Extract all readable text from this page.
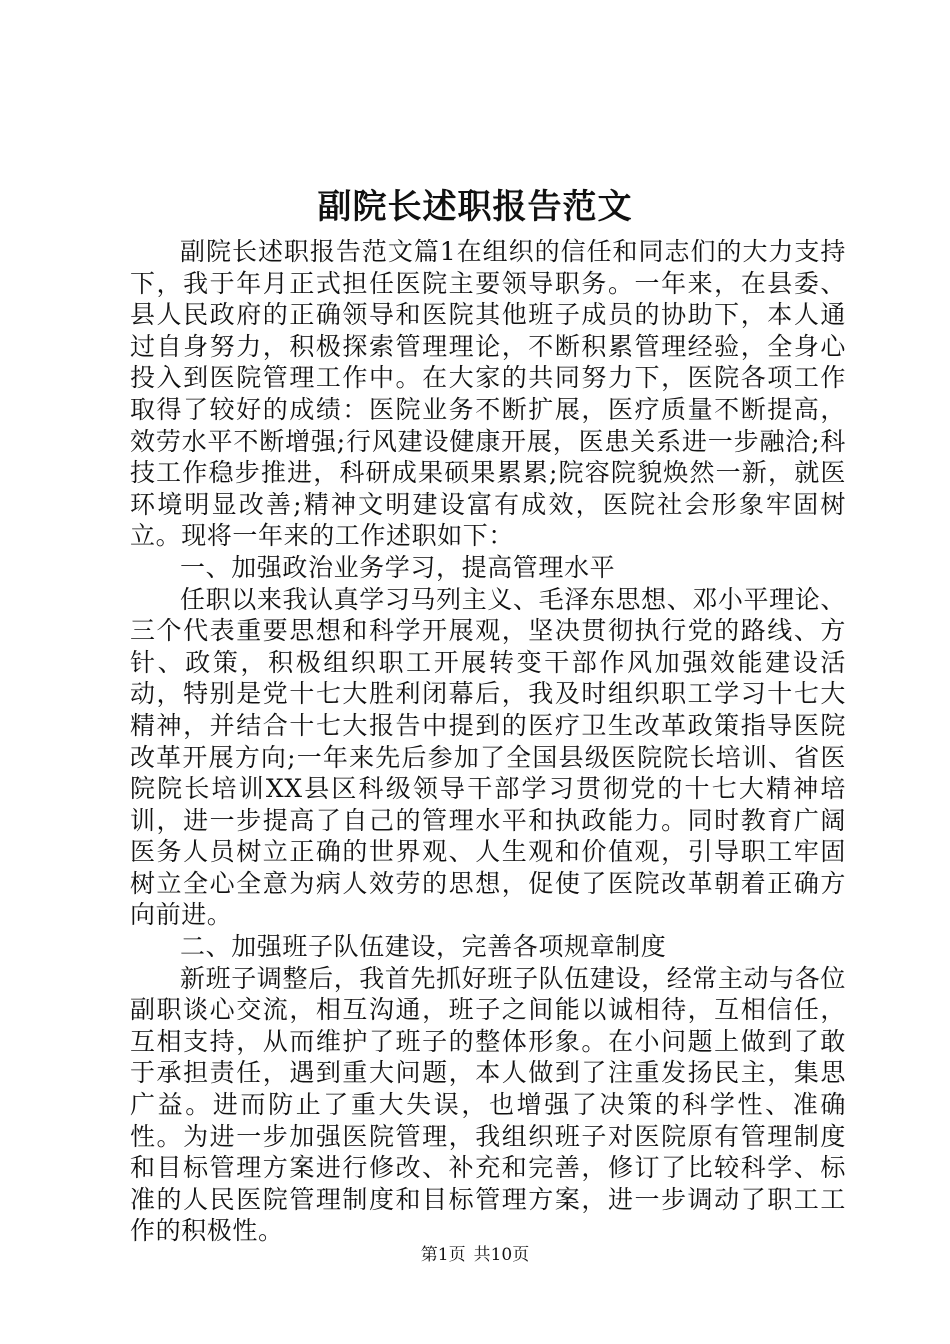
副院长述职报告范文

副院长述职报告范文篇1在组织的信任和同志们的大力支持下，我于年月正式担任医院主要领导职务。一年来，在县委、县人民政府的正确领导和医院其他班子成员的协助下，本人通过自身努力，积极探索管理理论，不断积累管理经验，全身心投入到医院管理工作中。在大家的共同努力下，医院各项工作取得了较好的成绩：医院业务不断扩展，医疗质量不断提高，效劳水平不断增强;行风建设健康开展，医患关系进一步融洽;科技工作稳步推进，科研成果硕果累累;院容院貌焕然一新，就医环境明显改善;精神文明建设富有成效，医院社会形象牢固树立。现将一年来的工作述职如下：

一、加强政治业务学习，提高管理水平

任职以来我认真学习马列主义、毛泽东思想、邓小平理论、三个代表重要思想和科学开展观，坚决贯彻执行党的路线、方针、政策，积极组织职工开展转变干部作风加强效能建设活动，特别是党十七大胜利闭幕后，我及时组织职工学习十七大精神，并结合十七大报告中提到的医疗卫生改革政策指导医院改革开展方向;一年来先后参加了全国县级医院院长培训、省医院院长培训XX县区科级领导干部学习贯彻党的十七大精神培训，进一步提高了自己的管理水平和执政能力。同时教育广阔医务人员树立正确的世界观、人生观和价值观，引导职工牢固树立全心全意为病人效劳的思想，促使了医院改革朝着正确方向前进。

二、加强班子队伍建设，完善各项规章制度

新班子调整后，我首先抓好班子队伍建设，经常主动与各位副职谈心交流，相互沟通，班子之间能以诚相待，互相信任，互相支持，从而维护了班子的整体形象。在小问题上做到了敢于承担责任，遇到重大问题，本人做到了注重发扬民主，集思广益。进而防止了重大失误，也增强了决策的科学性、准确性。为进一步加强医院管理，我组织班子对医院原有管理制度和目标管理方案进行修改、补充和完善，修订了比较科学、标准的人民医院管理制度和目标管理方案，进一步调动了职工工作的积极性。

第1页 共10页
